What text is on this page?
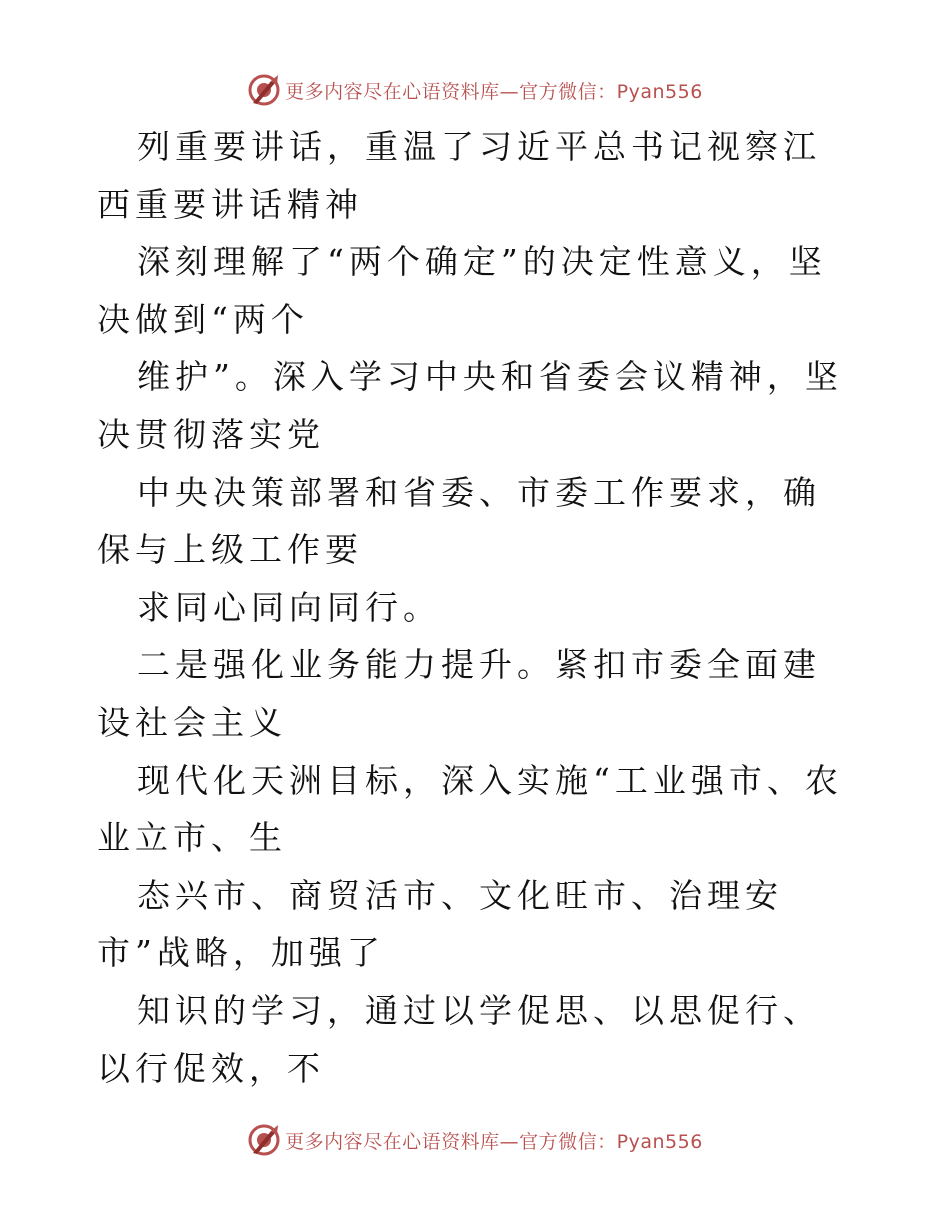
更多内容尽在心语资料库—官方微信：Pyan556

列重要讲话，重温了习近平总书记视察江西重要讲话精神

深刻理解了“两个确定”的决定性意义，坚决做到“两个

维护”。深入学习中央和省委会议精神，坚决贯彻落实党

中央决策部署和省委、市委工作要求，确保与上级工作要

求同心同向同行。

二是强化业务能力提升。紧扣市委全面建设社会主义

现代化天洲目标，深入实施“工业强市、农业立市、生

态兴市、商贸活市、文化旺市、治理安市”战略，加强了

知识的学习，通过以学促思、以思促行、以行促效，不

更多内容尽在心语资料库—官方微信：Pyan556
